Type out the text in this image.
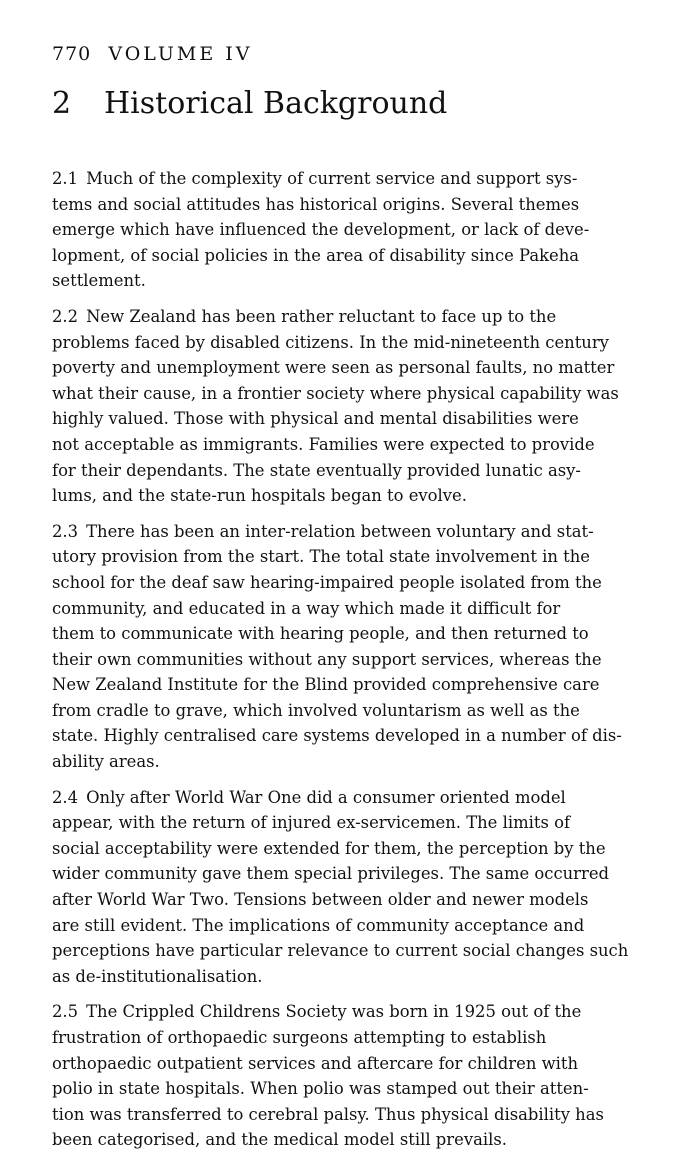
770 VOLUME IV
2 Historical Background

2.1 Much of the complexity of current service and support sys-
tems and social attitudes has historical origins. Several themes
emerge which have influenced the development, or lack of deve-
lopment, of social policies in the area of disability since Pakeha
settlement.

2.2 New Zealand has been rather reluctant to face up to the
problems faced by disabled citizens. In the mid-nineteenth century
poverty and unemployment were seen as personal faults, no matter
what their cause, in a frontier society where physical capability was
highly valued. Those with physical and mental disabilities were
not acceptable as immigrants. Families were expected to provide
for their dependants. The state eventually provided lunatic asy-
lums, and the state-run hospitals began to evolve.

2.3 There has been an inter-relation between voluntary and stat-
utory provision from the start. The total state involvement in the
school for the deaf saw hearing-impaired people isolated from the
community, and educated in a way which made it difficult for
them to communicate with hearing people, and then returned to
their own communities without any support services, whereas the
New Zealand Institute for the Blind provided comprehensive care
from cradle to grave, which involved voluntarism as well as the
state. Highly centralised care systems developed in a number of dis-
ability areas.

2.4 Only after World War One did a consumer oriented model
appear, with the return of injured ex-servicemen. The limits of
social acceptability were extended for them, the perception by the
wider community gave them special privileges. The same occurred
after World War Two. Tensions between older and newer models
are still evident. The implications of community acceptance and
perceptions have particular relevance to current social changes such
as de-institutionalisation.

2.5 The Crippled Childrens Society was born in 1925 out of the
frustration of orthopaedic surgeons attempting to establish
orthopaedic outpatient services and aftercare for children with
polio in state hospitals. When polio was stamped out their atten-
tion was transferred to cerebral palsy. Thus physical disability has
been categorised, and the medical model still prevails.
